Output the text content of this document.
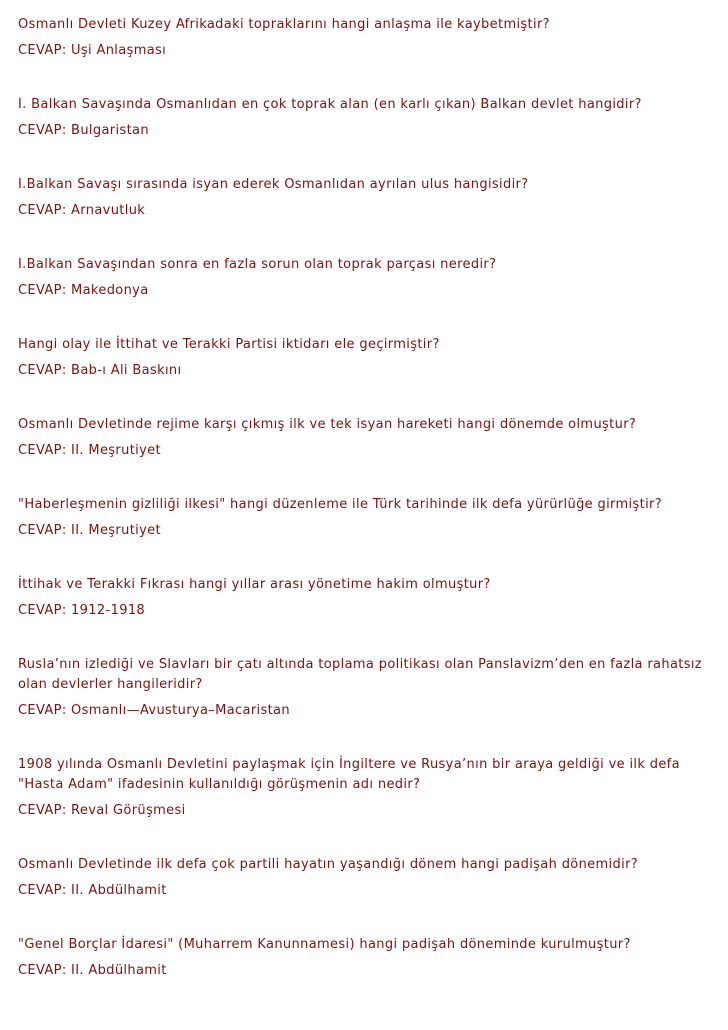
Osmanlı Devleti Kuzey Afrikadaki topraklarını hangi anlaşma ile kaybetmiştir?
CEVAP: Uşi Anlaşması
I. Balkan Savaşında Osmanlıdan en çok toprak alan (en karlı çıkan) Balkan devlet hangidir?
CEVAP: Bulgaristan
I.Balkan Savaşı sırasında isyan ederek Osmanlıdan ayrılan ulus hangisidir?
CEVAP: Arnavutluk
I.Balkan Savaşından sonra en fazla sorun olan toprak parçası neredir?
CEVAP: Makedonya
Hangi olay ile İttihat ve Terakki Partisi iktidarı ele geçirmiştir?
CEVAP: Bab-ı Ali Baskını
Osmanlı Devletinde rejime karşı çıkmış ilk ve tek isyan hareketi hangi dönemde olmuştur?
CEVAP: II. Meşrutiyet
"Haberleşmenin gizliliği ilkesi" hangi düzenleme ile Türk tarihinde ilk defa yürürlüğe girmiştir?
CEVAP: II. Meşrutiyet
İttihak ve Terakki Fıkrası hangi yıllar arası yönetime hakim olmuştur?
CEVAP: 1912-1918
Rusla’nın izlediği ve Slavları bir çatı altında toplama politikası olan Panslavizm’den en fazla rahatsız olan devlerler hangileridir?
CEVAP: Osmanlı—Avusturya–Macaristan
1908 yılında Osmanlı Devletini paylaşmak için İngiltere ve Rusya’nın bir araya geldiği ve ilk defa "Hasta Adam" ifadesinin kullanıldığı görüşmenin adı nedir?
CEVAP: Reval Görüşmesi
Osmanlı Devletinde ilk defa çok partili hayatın yaşandığı dönem hangi padişah dönemidir?
CEVAP: II. Abdülhamit
"Genel Borçlar İdaresi" (Muharrem Kanunnamesi) hangi padişah döneminde kurulmuştur?
CEVAP: II. Abdülhamit
